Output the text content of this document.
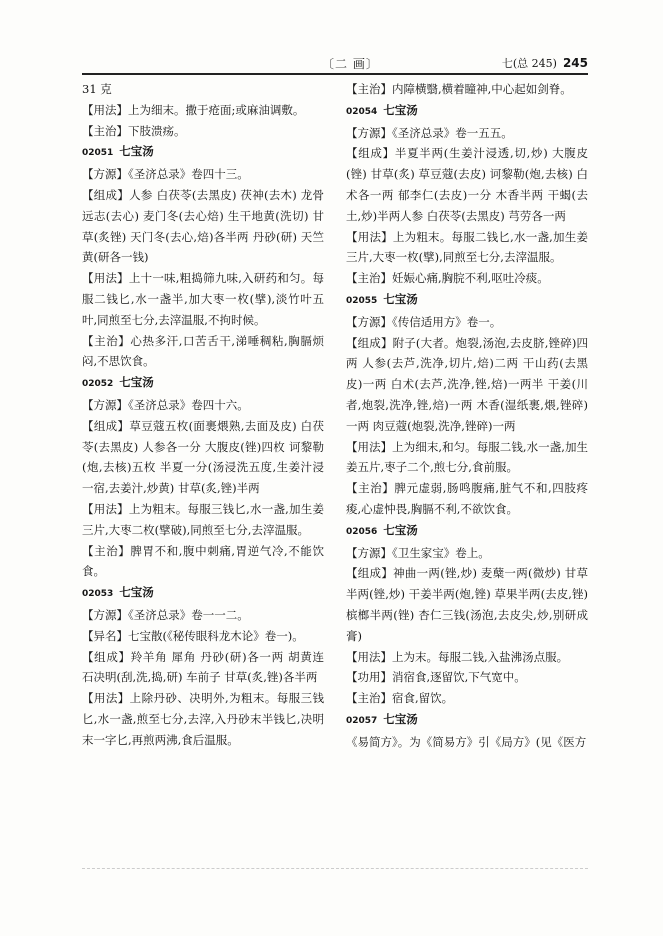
〔二 画〕	七(总 245) 245

31 克

【用法】上为细末。撒于疮面;或麻油调敷。

【主治】下肢溃疡。

02051 七宝汤

【方源】《圣济总录》卷四十三。

【组成】人参 白茯苓(去黑皮) 茯神(去木) 龙骨 远志(去心) 麦门冬(去心焙) 生干地黄(洗切) 甘草(炙锉) 天门冬(去心,焙)各半两 丹砂(研) 天竺黄(研各一钱)

【用法】上十一味,粗捣筛九味,入研药和匀。每服二钱匕,水一盏半,加大枣一枚(擘),淡竹叶五叶,同煎至七分,去滓温服,不拘时候。

【主治】心热多汗,口苦舌干,涕唾稠粘,胸膈烦闷,不思饮食。

02052 七宝汤

【方源】《圣济总录》卷四十六。

【组成】草豆蔻五枚(面裹煨熟,去面及皮) 白茯苓(去黑皮) 人参各一分 大腹皮(锉)四枚 诃黎勒(炮,去核)五枚 半夏一分(汤浸洗五度,生姜汁浸一宿,去姜汁,炒黄) 甘草(炙,锉)半两

【用法】上为粗末。每服三钱匕,水一盏,加生姜三片,大枣二枚(擘破),同煎至七分,去滓温服。

【主治】脾胃不和,腹中刺痛,胃逆气冷,不能饮食。

02053 七宝汤

【方源】《圣济总录》卷一一二。

【异名】七宝散(《秘传眼科龙木论》卷一)。

【组成】羚羊角 犀角 丹砂(研)各一两 胡黄连 石决明(刮,洗,捣,研) 车前子 甘草(炙,锉)各半两

【用法】上除丹砂、决明外,为粗末。每服三钱匕,水一盏,煎至七分,去滓,入丹砂末半钱匕,决明末一字匕,再煎两沸,食后温服。

【主治】内障横翳,横着瞳神,中心起如剑脊。

02054 七宝汤

【方源】《圣济总录》卷一五五。

【组成】半夏半两(生姜汁浸透,切,炒) 大腹皮(锉) 甘草(炙) 草豆蔻(去皮) 诃黎勒(炮,去核) 白术各一两 郁李仁(去皮)一分 木香半两 干蝎(去土,炒)半两人参 白茯苓(去黑皮) 芎劳各一两

【用法】上为粗末。每服二钱匕,水一盏,加生姜三片,大枣一枚(擘),同煎至七分,去滓温服。

【主治】妊娠心痛,胸脘不利,呕吐冷痰。

02055 七宝汤

【方源】《传信适用方》卷一。

【组成】附子(大者。炮裂,汤泡,去皮脐,锉碎)四两 人参(去芦,洗净,切片,焙)二两 干山药(去黑皮)一两 白术(去芦,洗净,锉,焙)一两半 干姜(川者,炮裂,洗净,锉,焙)一两 木香(湿纸裹,煨,锉碎)一两 肉豆蔻(炮裂,洗净,锉碎)一两

【用法】上为细末,和匀。每服二钱,水一盏,加生姜五片,枣子二个,煎七分,食前服。

【主治】脾元虚弱,肠鸣腹痛,脏气不和,四肢疼痠,心虚忡畏,胸膈不利,不欲饮食。

02056 七宝汤

【方源】《卫生家宝》卷上。

【组成】神曲一两(锉,炒) 麦蘖一两(微炒) 甘草半两(锉,炒) 干姜半两(炮,锉) 草果半两(去皮,锉) 槟榔半两(锉) 杏仁三钱(汤泡,去皮尖,炒,别研成膏)

【用法】上为末。每服二钱,入盐沸汤点服。

【功用】消宿食,逐留饮,下气宽中。

【主治】宿食,留饮。

02057 七宝汤

《易简方》。为《简易方》引《局方》(见《医方
